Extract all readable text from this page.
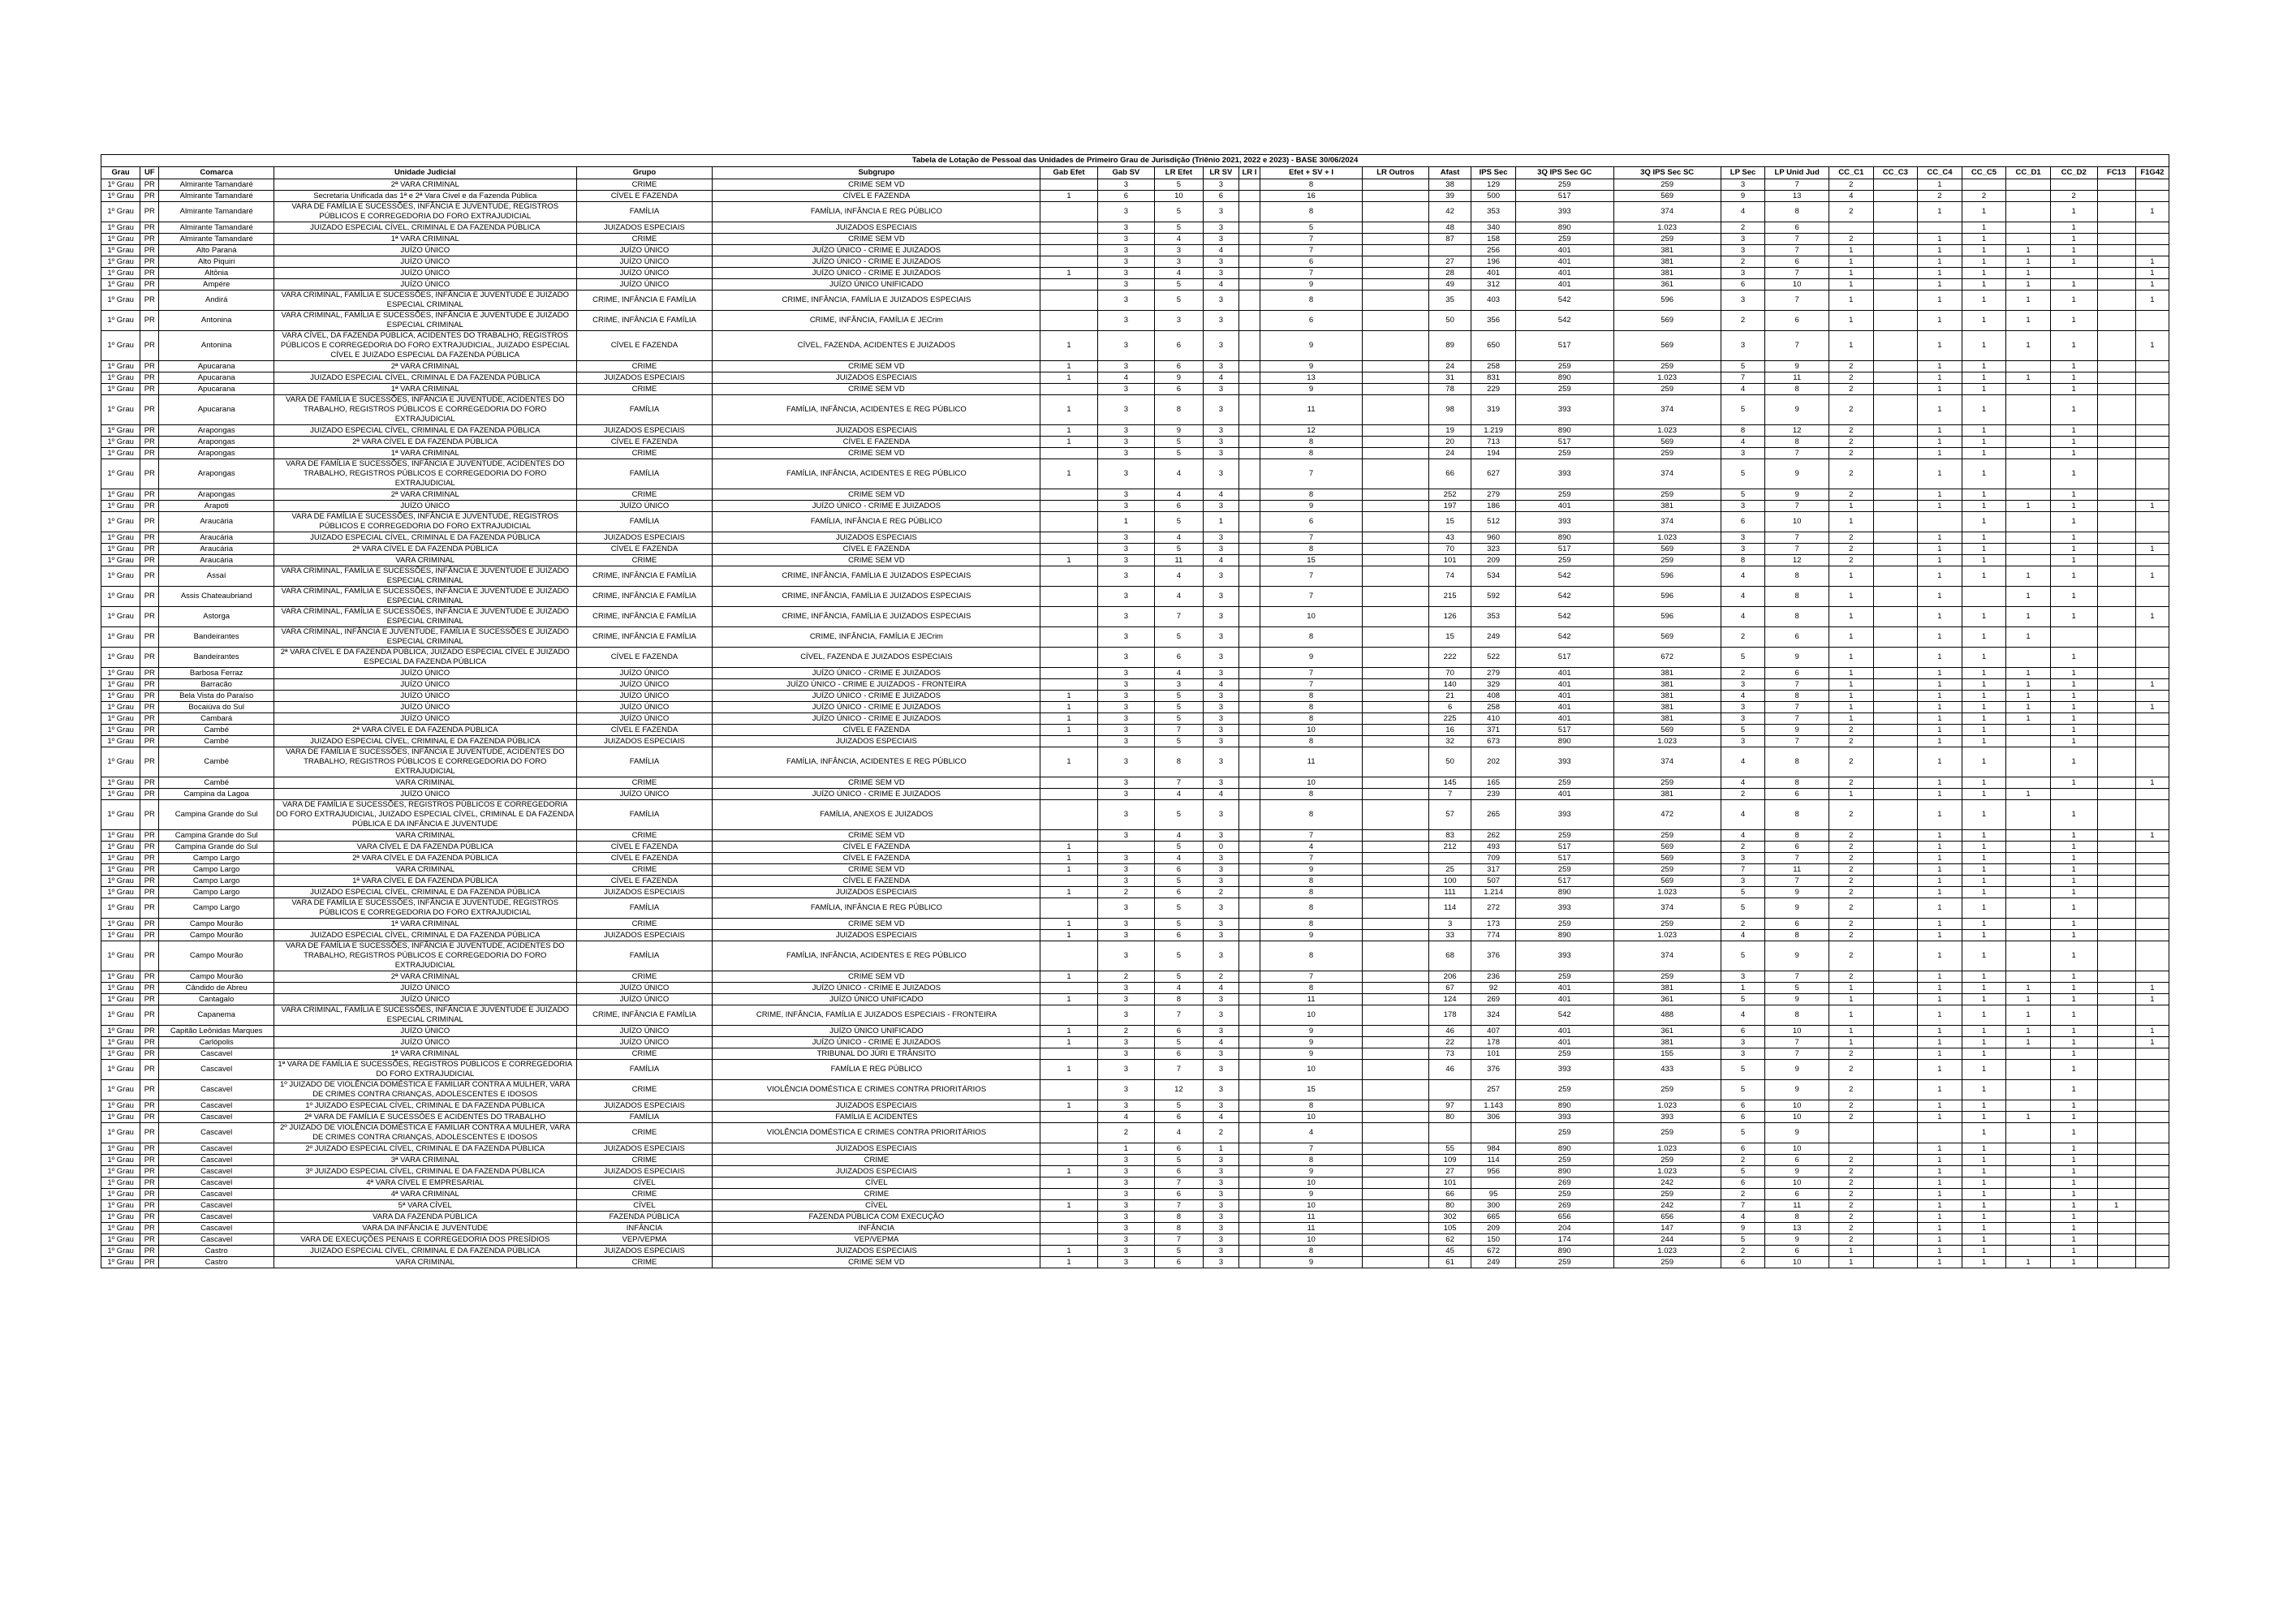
Tabela de Lotação de Pessoal das Unidades de Primeiro Grau de Jurisdição (Triênio 2021, 2022 e 2023) - BASE 30/06/2024																										
Grau	UF	Comarca	Unidade Judicial	Grupo	Subgrupo	Gab Efet	Gab SV	LR Efet	LR SV	LR I	Efet + SV + I	LR Outros	Afast	IPS Sec	3Q IPS Sec GC	3Q IPS Sec SC	LP Sec	LP Unid Jud	CC_C1	CC_C3	CC_C4	CC_C5	CC_D1	CC_D2	FC13	F1G42
1º Grau	PR	Almirante Tamandaré	2ª VARA CRIMINAL	CRIME	CRIME SEM VD		3	5	3		8		38	129	259	259	3	7	2		1					
1º Grau	PR	Almirante Tamandaré	Secretaria Unificada das 1ª e 2ª Vara Cível e da Fazenda Pública	CÍVEL E FAZENDA	CÍVEL E FAZENDA	1	6	10	6		16		39	500	517	569	9	13	4		2	2		2		
1º Grau	PR	Almirante Tamandaré	VARA DE FAMÍLIA E SUCESSÕES, INFÂNCIA E JUVENTUDE, REGISTROS PÚBLICOS E CORREGEDORIA DO FORO EXTRAJUDICIAL	FAMÍLIA	FAMÍLIA, INFÂNCIA E REG PÚBLICO		3	5	3		8		42	353	393	374	4	8	2		1	1		1		1
1º Grau	PR	Almirante Tamandaré	JUIZADO ESPECIAL CÍVEL, CRIMINAL E DA FAZENDA PÚBLICA	JUIZADOS ESPECIAIS	JUIZADOS ESPECIAIS		3	5	3		5		48	340	890	1.023	2	6				1		1		
1º Grau	PR	Almirante Tamandaré	1ª VARA CRIMINAL	CRIME	CRIME SEM VD		3	4	3		7		87	158	259	259	3	7	2		1	1		1		
1º Grau	PR	Alto Paraná	JUÍZO ÚNICO	JUÍZO ÚNICO	JUÍZO ÚNICO - CRIME E JUIZADOS		3	3	4		7			256	401	381	3	7	1		1	1	1	1		
1º Grau	PR	Alto Piquiri	JUÍZO ÚNICO	JUÍZO ÚNICO	JUÍZO ÚNICO - CRIME E JUIZADOS		3	3	3		6		27	196	401	381	2	6	1		1	1	1	1		1
1º Grau	PR	Altônia	JUÍZO ÚNICO	JUÍZO ÚNICO	JUÍZO ÚNICO - CRIME E JUIZADOS	1	3	4	3		7		28	401	401	381	3	7	1		1	1	1			1
1º Grau	PR	Ampére	JUÍZO ÚNICO	JUÍZO ÚNICO	JUÍZO ÚNICO UNIFICADO		3	5	4		9		49	312	401	361	6	10	1		1	1	1	1		1
1º Grau	PR	Andirá	VARA CRIMINAL, FAMÍLIA E SUCESSÕES, INFÂNCIA E JUVENTUDE E JUIZADO ESPECIAL CRIMINAL	CRIME, INFÂNCIA E FAMÍLIA	CRIME, INFÂNCIA, FAMÍLIA E JUIZADOS ESPECIAIS		3	5	3		8		35	403	542	596	3	7	1		1	1	1	1		1
1º Grau	PR	Antonina	VARA CRIMINAL, FAMÍLIA E SUCESSÕES, INFÂNCIA E JUVENTUDE E JUIZADO ESPECIAL CRIMINAL	CRIME, INFÂNCIA E FAMÍLIA	CRIME, INFÂNCIA, FAMÍLIA E JECrim		3	3	3		6		50	356	542	569	2	6	1		1	1	1	1		
1º Grau	PR	Antonina	VARA CÍVEL, DA FAZENDA PÚBLICA, ACIDENTES DO TRABALHO, REGISTROS PÚBLICOS E CORREGEDORIA DO FORO EXTRAJUDICIAL, JUIZADO ESPECIAL CÍVEL E JUIZADO ESPECIAL DA FAZENDA PÚBLICA	CÍVEL E FAZENDA	CÍVEL, FAZENDA, ACIDENTES E JUIZADOS	1	3	6	3		9		89	650	517	569	3	7	1		1	1	1	1		1
1º Grau	PR	Apucarana	2ª VARA CRIMINAL	CRIME	CRIME SEM VD	1	3	6	3		9		24	258	259	259	5	9	2		1	1		1		
1º Grau	PR	Apucarana	JUIZADO ESPECIAL CÍVEL, CRIMINAL E DA FAZENDA PÚBLICA	JUIZADOS ESPECIAIS	JUIZADOS ESPECIAIS	1	4	9	4		13		31	831	890	1.023	7	11	2		1	1	1	1		
1º Grau	PR	Apucarana	1ª VARA CRIMINAL	CRIME	CRIME SEM VD		3	6	3		9		78	229	259	259	4	8	2		1	1		1		
1º Grau	PR	Apucarana	VARA DE FAMÍLIA E SUCESSÕES, INFÂNCIA E JUVENTUDE, ACIDENTES DO TRABALHO, REGISTROS PÚBLICOS E CORREGEDORIA DO FORO EXTRAJUDICIAL	FAMÍLIA	FAMÍLIA, INFÂNCIA, ACIDENTES E REG PÚBLICO	1	3	8	3		11		98	319	393	374	5	9	2		1	1		1		
1º Grau	PR	Arapongas	JUIZADO ESPECIAL CÍVEL, CRIMINAL E DA FAZENDA PÚBLICA	JUIZADOS ESPECIAIS	JUIZADOS ESPECIAIS	1	3	9	3		12		19	1.219	890	1.023	8	12	2		1	1		1		
1º Grau	PR	Arapongas	2ª VARA CÍVEL E DA FAZENDA PÚBLICA	CÍVEL E FAZENDA	CÍVEL E FAZENDA	1	3	5	3		8		20	713	517	569	4	8	2		1	1		1		
1º Grau	PR	Arapongas	1ª VARA CRIMINAL	CRIME	CRIME SEM VD		3	5	3		8		24	194	259	259	3	7	2		1	1		1		
1º Grau	PR	Arapongas	VARA DE FAMÍLIA E SUCESSÕES, INFÂNCIA E JUVENTUDE, ACIDENTES DO TRABALHO, REGISTROS PÚBLICOS E CORREGEDORIA DO FORO EXTRAJUDICIAL	FAMÍLIA	FAMÍLIA, INFÂNCIA, ACIDENTES E REG PÚBLICO	1	3	4	3		7		66	627	393	374	5	9	2		1	1		1		
1º Grau	PR	Arapongas	2ª VARA CRIMINAL	CRIME	CRIME SEM VD		3	4	4		8		252	279	259	259	5	9	2		1	1		1		
1º Grau	PR	Arapoti	JUÍZO ÚNICO	JUÍZO ÚNICO	JUÍZO ÚNICO - CRIME E JUIZADOS		3	6	3		9		197	186	401	381	3	7	1		1	1	1	1		1
1º Grau	PR	Araucária	VARA DE FAMÍLIA E SUCESSÕES, INFÂNCIA E JUVENTUDE, REGISTROS PÚBLICOS E CORREGEDORIA DO FORO EXTRAJUDICIAL	FAMÍLIA	FAMÍLIA, INFÂNCIA E REG PÚBLICO		1	5	1		6		15	512	393	374	6	10	1			1		1		
1º Grau	PR	Araucária	JUIZADO ESPECIAL CÍVEL, CRIMINAL E DA FAZENDA PÚBLICA	JUIZADOS ESPECIAIS	JUIZADOS ESPECIAIS		3	4	3		7		43	960	890	1.023	3	7	2		1	1		1		
1º Grau	PR	Araucária	2ª VARA CÍVEL E DA FAZENDA PÚBLICA	CÍVEL E FAZENDA	CÍVEL E FAZENDA		3	5	3		8		70	323	517	569	3	7	2		1	1		1		1
1º Grau	PR	Araucária	VARA CRIMINAL	CRIME	CRIME SEM VD	1	3	11	4		15		101	209	259	259	8	12	2		1	1		1		
1º Grau	PR	Assaí	VARA CRIMINAL, FAMÍLIA E SUCESSÕES, INFÂNCIA E JUVENTUDE E JUIZADO ESPECIAL CRIMINAL	CRIME, INFÂNCIA E FAMÍLIA	CRIME, INFÂNCIA, FAMÍLIA E JUIZADOS ESPECIAIS		3	4	3		7		74	534	542	596	4	8	1		1	1	1	1		1
1º Grau	PR	Assis Chateaubriand	VARA CRIMINAL, FAMÍLIA E SUCESSÕES, INFÂNCIA E JUVENTUDE E JUIZADO ESPECIAL CRIMINAL	CRIME, INFÂNCIA E FAMÍLIA	CRIME, INFÂNCIA, FAMÍLIA E JUIZADOS ESPECIAIS		3	4	3		7		215	592	542	596	4	8	1		1		1	1		
1º Grau	PR	Astorga	VARA CRIMINAL, FAMÍLIA E SUCESSÕES, INFÂNCIA E JUVENTUDE E JUIZADO ESPECIAL CRIMINAL	CRIME, INFÂNCIA E FAMÍLIA	CRIME, INFÂNCIA, FAMÍLIA E JUIZADOS ESPECIAIS		3	7	3		10		126	353	542	596	4	8	1		1	1	1	1		1
1º Grau	PR	Bandeirantes	VARA CRIMINAL, INFÂNCIA E JUVENTUDE, FAMÍLIA E SUCESSÕES E JUIZADO ESPECIAL CRIMINAL	CRIME, INFÂNCIA E FAMÍLIA	CRIME, INFÂNCIA, FAMÍLIA E JECrim		3	5	3		8		15	249	542	569	2	6	1		1	1	1			
1º Grau	PR	Bandeirantes	2ª VARA CÍVEL E DA FAZENDA PÚBLICA, JUIZADO ESPECIAL CÍVEL E JUIZADO ESPECIAL DA FAZENDA PÚBLICA	CÍVEL E FAZENDA	CÍVEL, FAZENDA E JUIZADOS ESPECIAIS		3	6	3		9		222	522	517	672	5	9	1		1	1		1		
1º Grau	PR	Barbosa Ferraz	JUÍZO ÚNICO	JUÍZO ÚNICO	JUÍZO ÚNICO - CRIME E JUIZADOS		3	4	3		7		70	279	401	381	2	6	1		1	1	1	1		
1º Grau	PR	Barracão	JUÍZO ÚNICO	JUÍZO ÚNICO	JUÍZO ÚNICO - CRIME E JUIZADOS - FRONTEIRA		3	3	4		7		140	329	401	381	3	7	1		1	1	1	1		1
1º Grau	PR	Bela Vista do Paraíso	JUÍZO ÚNICO	JUÍZO ÚNICO	JUÍZO ÚNICO - CRIME E JUIZADOS	1	3	5	3		8		21	408	401	381	4	8	1		1	1	1	1		
1º Grau	PR	Bocaiúva do Sul	JUÍZO ÚNICO	JUÍZO ÚNICO	JUÍZO ÚNICO - CRIME E JUIZADOS	1	3	5	3		8		6	258	401	381	3	7	1		1	1	1	1		1
1º Grau	PR	Cambará	JUÍZO ÚNICO	JUÍZO ÚNICO	JUÍZO ÚNICO - CRIME E JUIZADOS	1	3	5	3		8		225	410	401	381	3	7	1		1	1	1	1		
1º Grau	PR	Cambé	2ª VARA CÍVEL E DA FAZENDA PÚBLICA	CÍVEL E FAZENDA	CÍVEL E FAZENDA	1	3	7	3		10		16	371	517	569	5	9	2		1	1		1		
1º Grau	PR	Cambé	JUIZADO ESPECIAL CÍVEL, CRIMINAL E DA FAZENDA PÚBLICA	JUIZADOS ESPECIAIS	JUIZADOS ESPECIAIS		3	5	3		8		32	673	890	1.023	3	7	2		1	1		1		
1º Grau	PR	Cambé	VARA DE FAMÍLIA E SUCESSÕES, INFÂNCIA E JUVENTUDE, ACIDENTES DO TRABALHO, REGISTROS PÚBLICOS E CORREGEDORIA DO FORO EXTRAJUDICIAL	FAMÍLIA	FAMÍLIA, INFÂNCIA, ACIDENTES E REG PÚBLICO	1	3	8	3		11		50	202	393	374	4	8	2		1	1		1		
1º Grau	PR	Cambé	VARA CRIMINAL	CRIME	CRIME SEM VD		3	7	3		10		145	165	259	259	4	8	2		1	1		1		1
1º Grau	PR	Campina da Lagoa	JUÍZO ÚNICO	JUÍZO ÚNICO	JUÍZO ÚNICO - CRIME E JUIZADOS		3	4	4		8		7	239	401	381	2	6	1		1	1	1			
1º Grau	PR	Campina Grande do Sul	VARA DE FAMÍLIA E SUCESSÕES, REGISTROS PÚBLICOS E CORREGEDORIA DO FORO EXTRAJUDICIAL, JUIZADO ESPECIAL CÍVEL, CRIMINAL E DA FAZENDA PÚBLICA E DA INFÂNCIA E JUVENTUDE	FAMÍLIA	FAMÍLIA, ANEXOS E JUIZADOS		3	5	3		8		57	265	393	472	4	8	2		1	1		1		
1º Grau	PR	Campina Grande do Sul	VARA CRIMINAL	CRIME	CRIME SEM VD		3	4	3		7		83	262	259	259	4	8	2		1	1		1		1
1º Grau	PR	Campina Grande do Sul	VARA CÍVEL E DA FAZENDA PÚBLICA	CÍVEL E FAZENDA	CÍVEL E FAZENDA	1		5	0		4		212	493	517	569	2	6	2		1	1		1		
1º Grau	PR	Campo Largo	2ª VARA CÍVEL E DA FAZENDA PÚBLICA	CÍVEL E FAZENDA	CÍVEL E FAZENDA	1	3	4	3		7			709	517	569	3	7	2		1	1		1		
1º Grau	PR	Campo Largo	VARA CRIMINAL	CRIME	CRIME SEM VD	1	3	6	3		9		25	317	259	259	7	11	2		1	1		1		
1º Grau	PR	Campo Largo	1ª VARA CÍVEL E DA FAZENDA PÚBLICA	CÍVEL E FAZENDA	CÍVEL E FAZENDA		3	5	3		8		100	507	517	569	3	7	2		1	1		1		
1º Grau	PR	Campo Largo	JUIZADO ESPECIAL CÍVEL, CRIMINAL E DA FAZENDA PÚBLICA	JUIZADOS ESPECIAIS	JUIZADOS ESPECIAIS	1	2	6	2		8		111	1.214	890	1.023	5	9	2		1	1		1		
1º Grau	PR	Campo Largo	VARA DE FAMÍLIA E SUCESSÕES, INFÂNCIA E JUVENTUDE, REGISTROS PÚBLICOS E CORREGEDORIA DO FORO EXTRAJUDICIAL	FAMÍLIA	FAMÍLIA, INFÂNCIA E REG PÚBLICO		3	5	3		8		114	272	393	374	5	9	2		1	1		1		
1º Grau	PR	Campo Mourão	1ª VARA CRIMINAL	CRIME	CRIME SEM VD	1	3	5	3		8		3	173	259	259	2	6	2		1	1		1		
1º Grau	PR	Campo Mourão	JUIZADO ESPECIAL CÍVEL, CRIMINAL E DA FAZENDA PÚBLICA	JUIZADOS ESPECIAIS	JUIZADOS ESPECIAIS	1	3	6	3		9		33	774	890	1.023	4	8	2		1	1		1		
1º Grau	PR	Campo Mourão	VARA DE FAMÍLIA E SUCESSÕES, INFÂNCIA E JUVENTUDE, ACIDENTES DO TRABALHO, REGISTROS PÚBLICOS E CORREGEDORIA DO FORO EXTRAJUDICIAL	FAMÍLIA	FAMÍLIA, INFÂNCIA, ACIDENTES E REG PÚBLICO		3	5	3		8		68	376	393	374	5	9	2		1	1		1		
1º Grau	PR	Campo Mourão	2ª VARA CRIMINAL	CRIME	CRIME SEM VD	1	2	5	2		7		206	236	259	259	3	7	2		1	1		1		
1º Grau	PR	Cândido de Abreu	JUÍZO ÚNICO	JUÍZO ÚNICO	JUÍZO ÚNICO - CRIME E JUIZADOS		3	4	4		8		67	92	401	381	1	5	1		1	1	1	1		1
1º Grau	PR	Cantagalo	JUÍZO ÚNICO	JUÍZO ÚNICO	JUÍZO ÚNICO UNIFICADO	1	3	8	3		11		124	269	401	361	5	9	1		1	1	1	1		1
1º Grau	PR	Capanema	VARA CRIMINAL, FAMÍLIA E SUCESSÕES, INFÂNCIA E JUVENTUDE E JUIZADO ESPECIAL CRIMINAL	CRIME, INFÂNCIA E FAMÍLIA	CRIME, INFÂNCIA, FAMÍLIA E JUIZADOS ESPECIAIS - FRONTEIRA		3	7	3		10		178	324	542	488	4	8	1		1	1	1	1		
1º Grau	PR	Capitão Leônidas Marques	JUÍZO ÚNICO	JUÍZO ÚNICO	JUÍZO ÚNICO UNIFICADO	1	2	6	3		9		46	407	401	361	6	10	1		1	1	1	1		1
1º Grau	PR	Carlópolis	JUÍZO ÚNICO	JUÍZO ÚNICO	JUÍZO ÚNICO - CRIME E JUIZADOS	1	3	5	4		9		22	178	401	381	3	7	1		1	1	1	1		1
1º Grau	PR	Cascavel	1ª VARA CRIMINAL	CRIME	TRIBUNAL DO JÚRI E TRÂNSITO		3	6	3		9		73	101	259	155	3	7	2		1	1		1		
1º Grau	PR	Cascavel	1ª VARA DE FAMÍLIA E SUCESSÕES, REGISTROS PÚBLICOS E CORREGEDORIA DO FORO EXTRAJUDICIAL	FAMÍLIA	FAMÍLIA E REG PÚBLICO	1	3	7	3		10		46	376	393	433	5	9	2		1	1		1		
1º Grau	PR	Cascavel	1º JUIZADO DE VIOLÊNCIA DOMÉSTICA E FAMILIAR CONTRA A MULHER, VARA DE CRIMES CONTRA CRIANÇAS, ADOLESCENTES E IDOSOS	CRIME	VIOLÊNCIA DOMÉSTICA E CRIMES CONTRA PRIORITÁRIOS		3	12	3		15			257	259	259	5	9	2		1	1		1		
1º Grau	PR	Cascavel	1º JUIZADO ESPECIAL CÍVEL, CRIMINAL E DA FAZENDA PÚBLICA	JUIZADOS ESPECIAIS	JUIZADOS ESPECIAIS	1	3	5	3		8		97	1.143	890	1.023	6	10	2		1	1		1		
1º Grau	PR	Cascavel	2ª VARA DE FAMÍLIA E SUCESSÕES E ACIDENTES DO TRABALHO	FAMÍLIA	FAMÍLIA E ACIDENTES		4	6	4		10		80	306	393	393	6	10	2		1	1	1	1		
1º Grau	PR	Cascavel	2º JUIZADO DE VIOLÊNCIA DOMÉSTICA E FAMILIAR CONTRA A MULHER, VARA DE CRIMES CONTRA CRIANÇAS, ADOLESCENTES E IDOSOS	CRIME	VIOLÊNCIA DOMÉSTICA E CRIMES CONTRA PRIORITÁRIOS		2	4	2		4				259	259	5	9				1		1		
1º Grau	PR	Cascavel	2º JUIZADO ESPECIAL CÍVEL, CRIMINAL E DA FAZENDA PÚBLICA	JUIZADOS ESPECIAIS	JUIZADOS ESPECIAIS		1	6	1		7		55	984	890	1.023	6	10			1	1		1		
1º Grau	PR	Cascavel	3ª VARA CRIMINAL	CRIME	CRIME		3	5	3		8		109	114	259	259	2	6	2		1	1		1		
1º Grau	PR	Cascavel	3º JUIZADO ESPECIAL CÍVEL, CRIMINAL E DA FAZENDA PÚBLICA	JUIZADOS ESPECIAIS	JUIZADOS ESPECIAIS	1	3	6	3		9		27	956	890	1.023	5	9	2		1	1		1		
1º Grau	PR	Cascavel	4ª VARA CÍVEL E EMPRESARIAL	CÍVEL	CÍVEL		3	7	3		10		101		269	242	6	10	2		1	1		1		
1º Grau	PR	Cascavel	4ª VARA CRIMINAL	CRIME	CRIME		3	6	3		9		66	95	259	259	2	6	2		1	1		1		
1º Grau	PR	Cascavel	5ª VARA CÍVEL	CÍVEL	CÍVEL	1	3	7	3		10		80	300	269	242	7	11	2		1	1		1	1	
1º Grau	PR	Cascavel	VARA DA FAZENDA PÚBLICA	FAZENDA PÚBLICA	FAZENDA PÚBLICA COM EXECUÇÃO		3	8	3		11		302	665	656	656	4	8	2		1	1		1		
1º Grau	PR	Cascavel	VARA DA INFÂNCIA E JUVENTUDE	INFÂNCIA	INFÂNCIA		3	8	3		11		105	209	204	147	9	13	2		1	1		1		
1º Grau	PR	Cascavel	VARA DE EXECUÇÕES PENAIS E CORREGEDORIA DOS PRESÍDIOS	VEP/VEPMA	VEP/VEPMA		3	7	3		10		62	150	174	244	5	9	2		1	1		1		
1º Grau	PR	Castro	JUIZADO ESPECIAL CÍVEL, CRIMINAL E DA FAZENDA PÚBLICA	JUIZADOS ESPECIAIS	JUIZADOS ESPECIAIS	1	3	5	3		8		45	672	890	1.023	2	6	1		1	1		1		
1º Grau	PR	Castro	VARA CRIMINAL	CRIME	CRIME SEM VD	1	3	6	3		9		61	249	259	259	6	10	1		1	1	1	1		
